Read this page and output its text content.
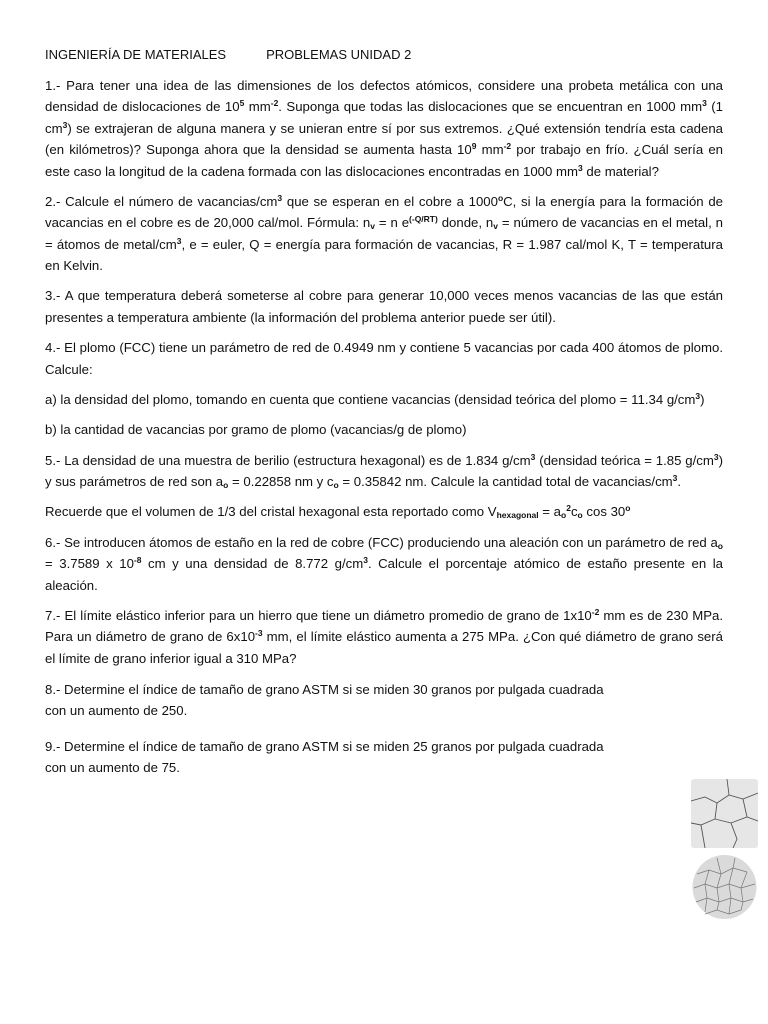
INGENIERÍA DE MATERIALES	PROBLEMAS UNIDAD 2

1.- Para tener una idea de las dimensiones de los defectos atómicos, considere una probeta metálica con una densidad de dislocaciones de $10^5$ $mm^{-2}$. Suponga que todas las dislocaciones que se encuentran en 1000 $mm^3$ (1 $cm^3$) se extrajeran de alguna manera y se unieran entre sí por sus extremos. ¿Qué extensión tendría esta cadena (en kilómetros)? Suponga ahora que la densidad se aumenta hasta $10^9$ $mm^{-2}$ por trabajo en frío. ¿Cuál sería en este caso la longitud de la cadena formada con las dislocaciones encontradas en 1000 $mm^3$ de material?

2.- Calcule el número de vacancias/$cm^3$ que se esperan en el cobre a 1000$^o$C, si la energía para la formación de vacancias en el cobre es de 20,000 cal/mol. Fórmula: $n_v = n$ $e^{(-Q/RT)}$ donde, $n_v$ = número de vacancias en el metal, n = átomos de metal/$cm^3$, e = euler, Q = energía para formación de vacancias, R = 1.987 cal/mol K, T = temperatura en Kelvin.

3.- A que temperatura deberá someterse al cobre para generar 10,000 veces menos vacancias de las que están presentes a temperatura ambiente (la información del problema anterior puede ser útil).

4.- El plomo (FCC) tiene un parámetro de red de 0.4949 nm y contiene 5 vacancias por cada 400 átomos de plomo. Calcule:

a) la densidad del plomo, tomando en cuenta que contiene vacancias (densidad teórica del plomo = 11.34 $g/cm^3$)

b) la cantidad de vacancias por gramo de plomo (vacancias/g de plomo)

5.- La densidad de una muestra de berilio (estructura hexagonal) es de 1.834 $g/cm^3$ (densidad teórica = 1.85 $g/cm^3$) y sus parámetros de red son $a_o = 0.22858$ nm y $c_o = 0.35842$ nm. Calcule la cantidad total de vacancias/$cm^3$.

Recuerde que el volumen de 1/3 del cristal hexagonal esta reportado como $V_{hexagonal} = a_o^2c_o$ cos 30$^o$

6.- Se introducen átomos de estaño en la red de cobre (FCC) produciendo una aleación con un parámetro de red $a_o = 3.7589$ x $10^{-8}$ cm y una densidad de 8.772 $g/cm^3$. Calcule el porcentaje atómico de estaño presente en la aleación.

7.- El límite elástico inferior para un hierro que tiene un diámetro promedio de grano de $1x10^{-2}$ mm es de 230 MPa. Para un diámetro de grano de $6x10^{-3}$ mm, el límite elástico aumenta a 275 MPa. ¿Con qué diámetro de grano será el límite de grano inferior igual a 310 MPa?

8.- Determine el índice de tamaño de grano ASTM si se miden 30 granos por pulgada cuadrada con un aumento de 250.

9.- Determine el índice de tamaño de grano ASTM si se miden 25 granos por pulgada cuadrada con un aumento de 75.
